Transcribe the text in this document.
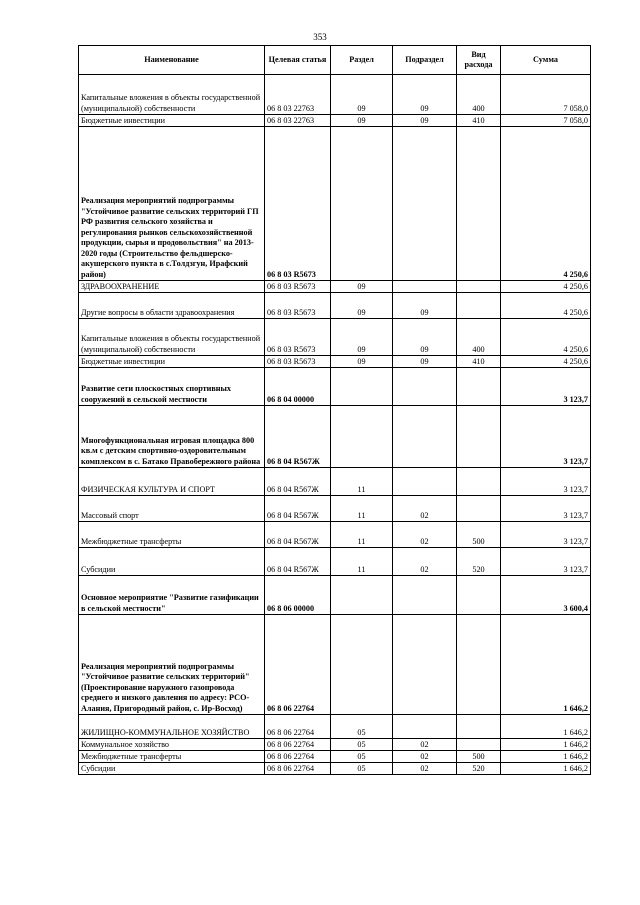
353
Наименование	Целевая статья	Раздел	Подраздел	Вид расхода	Сумма
Капитальные вложения в объекты государственной (муниципальной) собственности	06 8 03 22763	09	09	400	7 058,0
Бюджетные инвестиции	06 8 03 22763	09	09	410	7 058,0
Реализация мероприятий подпрограммы "Устойчивое развитие сельских территорий ГП РФ развития сельского хозяйства и регулирования рынков сельскохозяйственной продукции, сырья и продовольствия" на 2013-2020 годы (Строительство фельдшерско-акушерского пункта в с.Толдзгун, Ирафский район)	06 8 03 R5673				4 250,6
ЗДРАВООХРАНЕНИЕ	06 8 03 R5673	09			4 250,6
Другие вопросы в области здравоохранения	06 8 03 R5673	09	09		4 250,6
Капитальные вложения в объекты государственной (муниципальной) собственности	06 8 03 R5673	09	09	400	4 250,6
Бюджетные инвестиции	06 8 03 R5673	09	09	410	4 250,6
Развитие сети плоскостных спортивных сооружений в сельской местности	06 8 04 00000				3 123,7
Многофункциональная игровая площадка 800 кв.м с детским спортивно-оздоровительным комплексом в с. Батако Правобережного района	06 8 04 R567Ж				3 123,7
ФИЗИЧЕСКАЯ КУЛЬТУРА И СПОРТ	06 8 04 R567Ж	11			3 123,7
Массовый спорт	06 8 04 R567Ж	11	02		3 123,7
Межбюджетные трансферты	06 8 04 R567Ж	11	02	500	3 123,7
Субсидии	06 8 04 R567Ж	11	02	520	3 123,7
Основное мероприятие "Развитие газификации в сельской местности"	06 8 06 00000				3 600,4
Реализация мероприятий подпрограммы "Устойчивое развитие сельских территорий" (Проектирование наружного газопровода среднего и низкого давления по адресу: РСО-Алания, Пригородный район, с. Ир-Восход)	06 8 06 22764				1 646,2
ЖИЛИЩНО-КОММУНАЛЬНОЕ ХОЗЯЙСТВО	06 8 06 22764	05			1 646,2
Коммунальное хозяйство	06 8 06 22764	05	02		1 646,2
Межбюджетные трансферты	06 8 06 22764	05	02	500	1 646,2
Субсидии	06 8 06 22764	05	02	520	1 646,2
